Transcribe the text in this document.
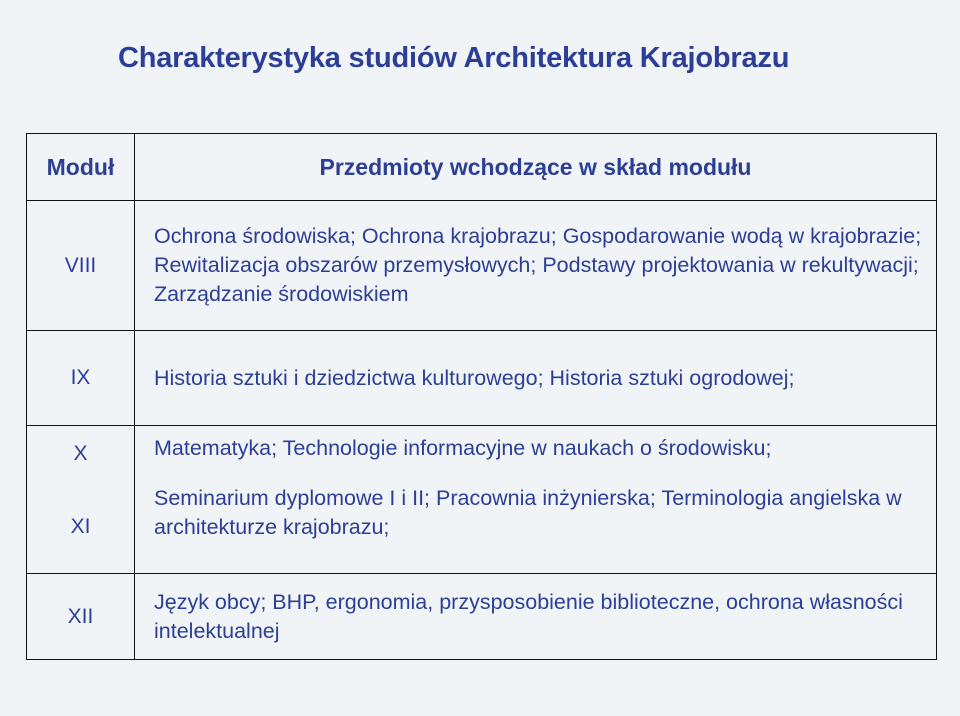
Charakterystyka studiów Architektura Krajobrazu
Moduł	Przedmioty wchodzące w skład modułu
VIII	Ochrona środowiska; Ochrona krajobrazu; Gospodarowanie wodą w krajobrazie; Rewitalizacja obszarów przemysłowych; Podstawy projektowania w rekultywacji; Zarządzanie środowiskiem
IX	Historia sztuki i dziedzictwa kulturowego; Historia sztuki ogrodowej;
X	Matematyka; Technologie informacyjne w naukach o środowisku;
XI	Seminarium dyplomowe I i II; Pracownia inżynierska; Terminologia angielska w architekturze krajobrazu;
XII	Język obcy; BHP, ergonomia, przysposobienie biblioteczne, ochrona własności intelektualnej
